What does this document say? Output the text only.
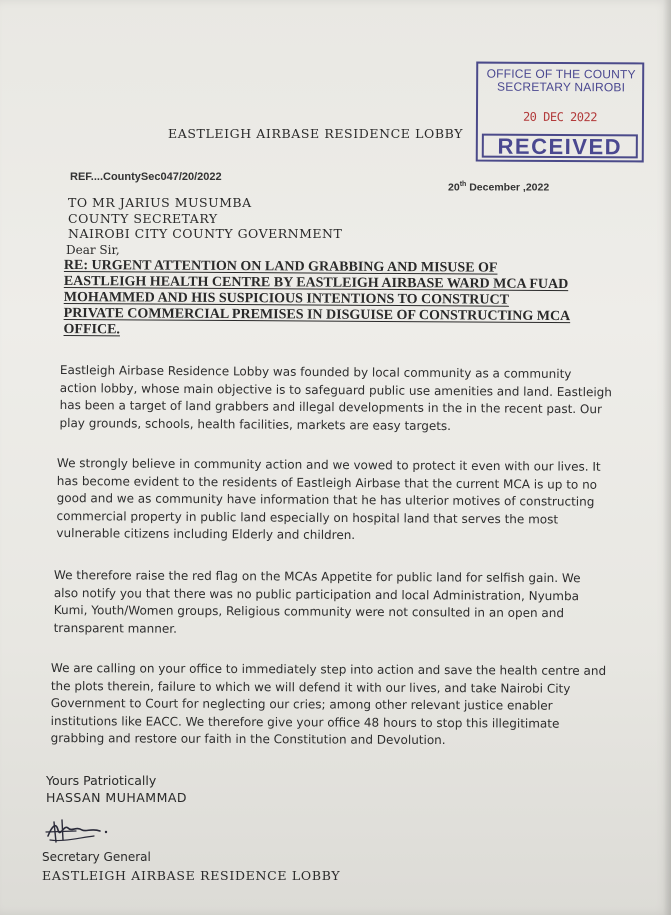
OFFICE OF THE COUNTY
SECRETARY NAIROBI
20 DEC 2022
RECEIVED
EASTLEIGH AIRBASE RESIDENCE LOBBY
REF....CountySec047/20/2022
20th December ,2022
TO MR JARIUS MUSUMBA
COUNTY SECRETARY
NAIROBI CITY COUNTY GOVERNMENT
Dear Sir,
RE: URGENT ATTENTION ON LAND GRABBING AND MISUSE OF
EASTLEIGH HEALTH CENTRE BY EASTLEIGH AIRBASE WARD MCA FUAD
MOHAMMED AND HIS SUSPICIOUS INTENTIONS TO CONSTRUCT
PRIVATE COMMERCIAL PREMISES IN DISGUISE OF CONSTRUCTING MCA
OFFICE.
Eastleigh Airbase Residence Lobby was founded by local community as a community
action lobby, whose main objective is to safeguard public use amenities and land. Eastleigh
has been a target of land grabbers and illegal developments in the in the recent past. Our
play grounds, schools, health facilities, markets are easy targets.
We strongly believe in community action and we vowed to protect it even with our lives. It
has become evident to the residents of Eastleigh Airbase that the current MCA is up to no
good and we as community have information that he has ulterior motives of constructing
commercial property in public land especially on hospital land that serves the most
vulnerable citizens including Elderly and children.
We therefore raise the red flag on the MCAs Appetite for public land for selfish gain. We
also notify you that there was no public participation and local Administration, Nyumba
Kumi, Youth/Women groups, Religious community were not consulted in an open and
transparent manner.
We are calling on your office to immediately step into action and save the health centre and
the plots therein, failure to which we will defend it with our lives, and take Nairobi City
Government to Court for neglecting our cries; among other relevant justice enabler
institutions like EACC. We therefore give your office 48 hours to stop this illegitimate
grabbing and restore our faith in the Constitution and Devolution.
Yours Patriotically
HASSAN MUHAMMAD
Secretary General
EASTLEIGH AIRBASE RESIDENCE LOBBY
